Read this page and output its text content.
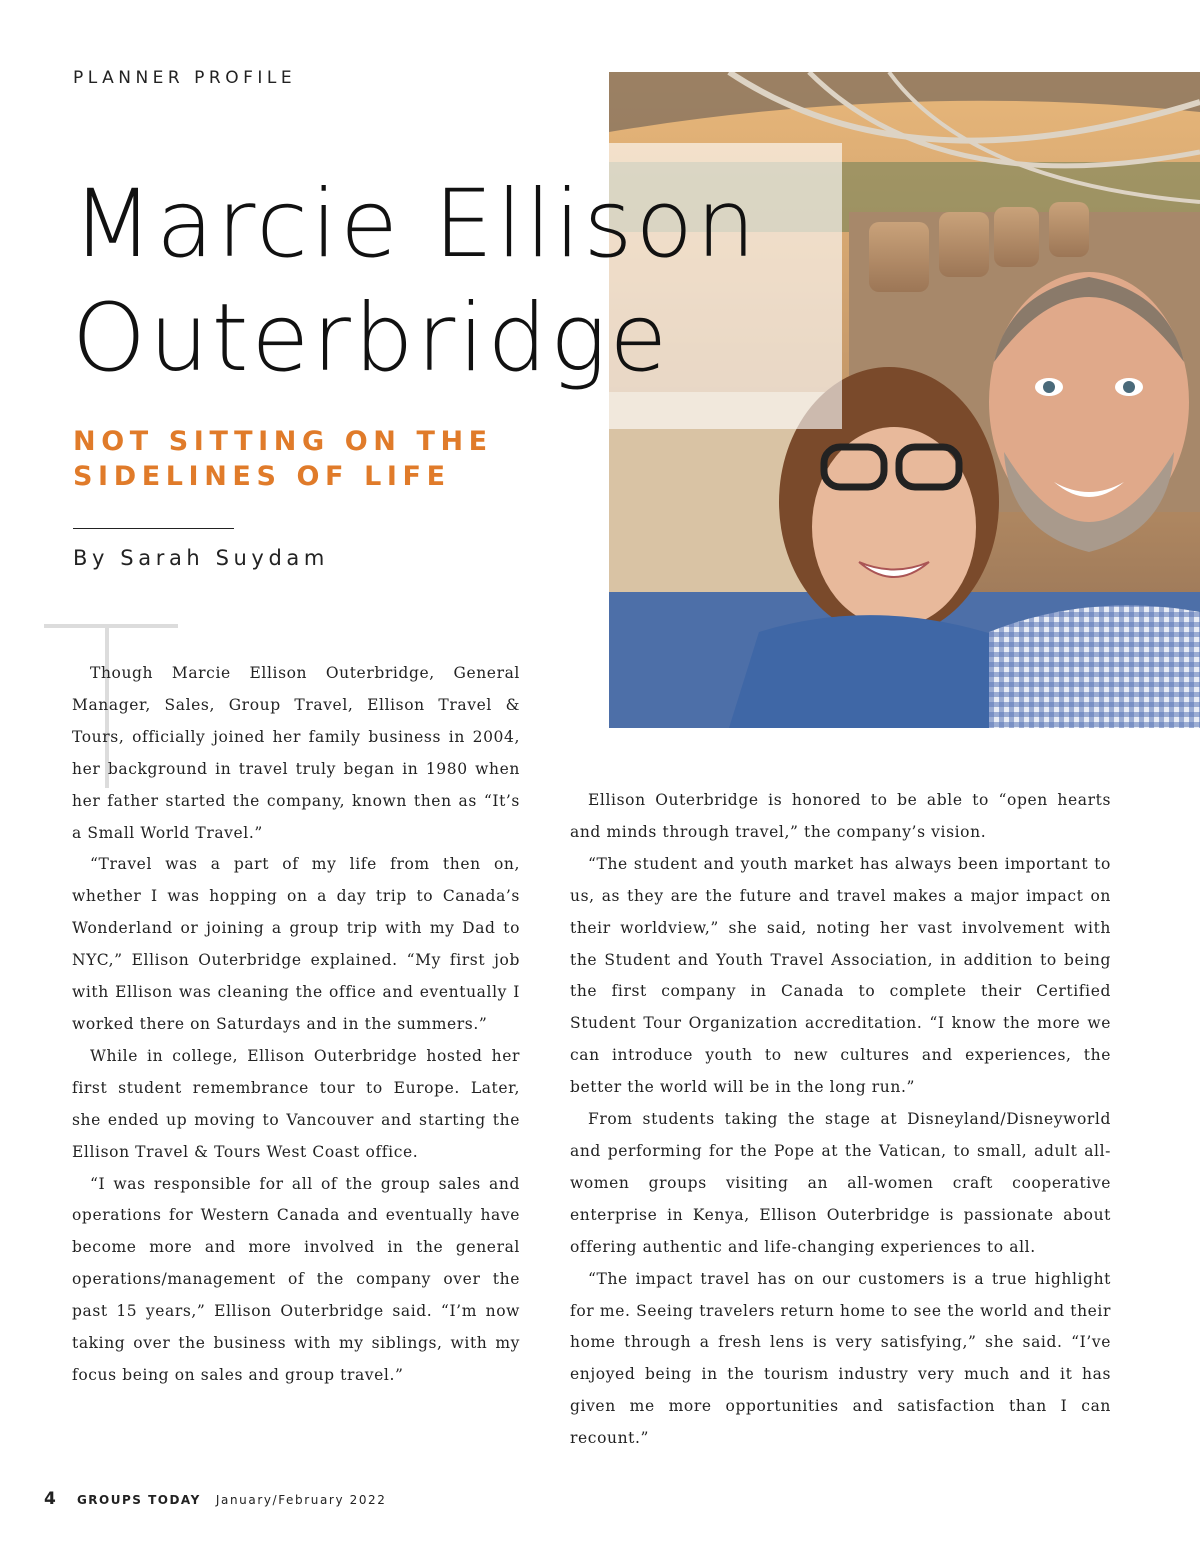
PLANNER PROFILE
Marcie Ellison
Outerbridge
NOT SITTING ON THE
SIDELINES OF LIFE
By Sarah Suydam

Though Marcie Ellison Outerbridge, General Manager, Sales, Group Travel, Ellison Travel & Tours, officially joined her family business in 2004, her background in travel truly began in 1980 when her father started the company, known then as “It’s a Small World Travel.”

“Travel was a part of my life from then on, whether I was hopping on a day trip to Canada’s Wonderland or joining a group trip with my Dad to NYC,” Ellison Outerbridge explained. “My first job with Ellison was cleaning the office and eventually I worked there on Saturdays and in the summers.”

While in college, Ellison Outerbridge hosted her first student remembrance tour to Europe. Later, she ended up moving to Vancouver and starting the Ellison Travel & Tours West Coast office.

“I was responsible for all of the group sales and operations for Western Canada and eventually have become more and more involved in the general operations/management of the company over the past 15 years,” Ellison Outerbridge said. “I’m now taking over the business with my siblings, with my focus being on sales and group travel.”

Ellison Outerbridge is honored to be able to “open hearts and minds through travel,” the company’s vision.

“The student and youth market has always been important to us, as they are the future and travel makes a major impact on their worldview,” she said, noting her vast involvement with the Student and Youth Travel Association, in addition to being the first company in Canada to complete their Certified Student Tour Organization accreditation. “I know the more we can introduce youth to new cultures and experiences, the better the world will be in the long run.”

From students taking the stage at Disneyland/Disneyworld and performing for the Pope at the Vatican, to small, adult all-women groups visiting an all-women craft cooperative enterprise in Kenya, Ellison Outerbridge is passionate about offering authentic and life-changing experiences to all.

“The impact travel has on our customers is a true highlight for me. Seeing travelers return home to see the world and their home through a fresh lens is very satisfying,” she said. “I’ve enjoyed being in the tourism industry very much and it has given me more opportunities and satisfaction than I can recount.”

4 GROUPS TODAY January/February 2022
